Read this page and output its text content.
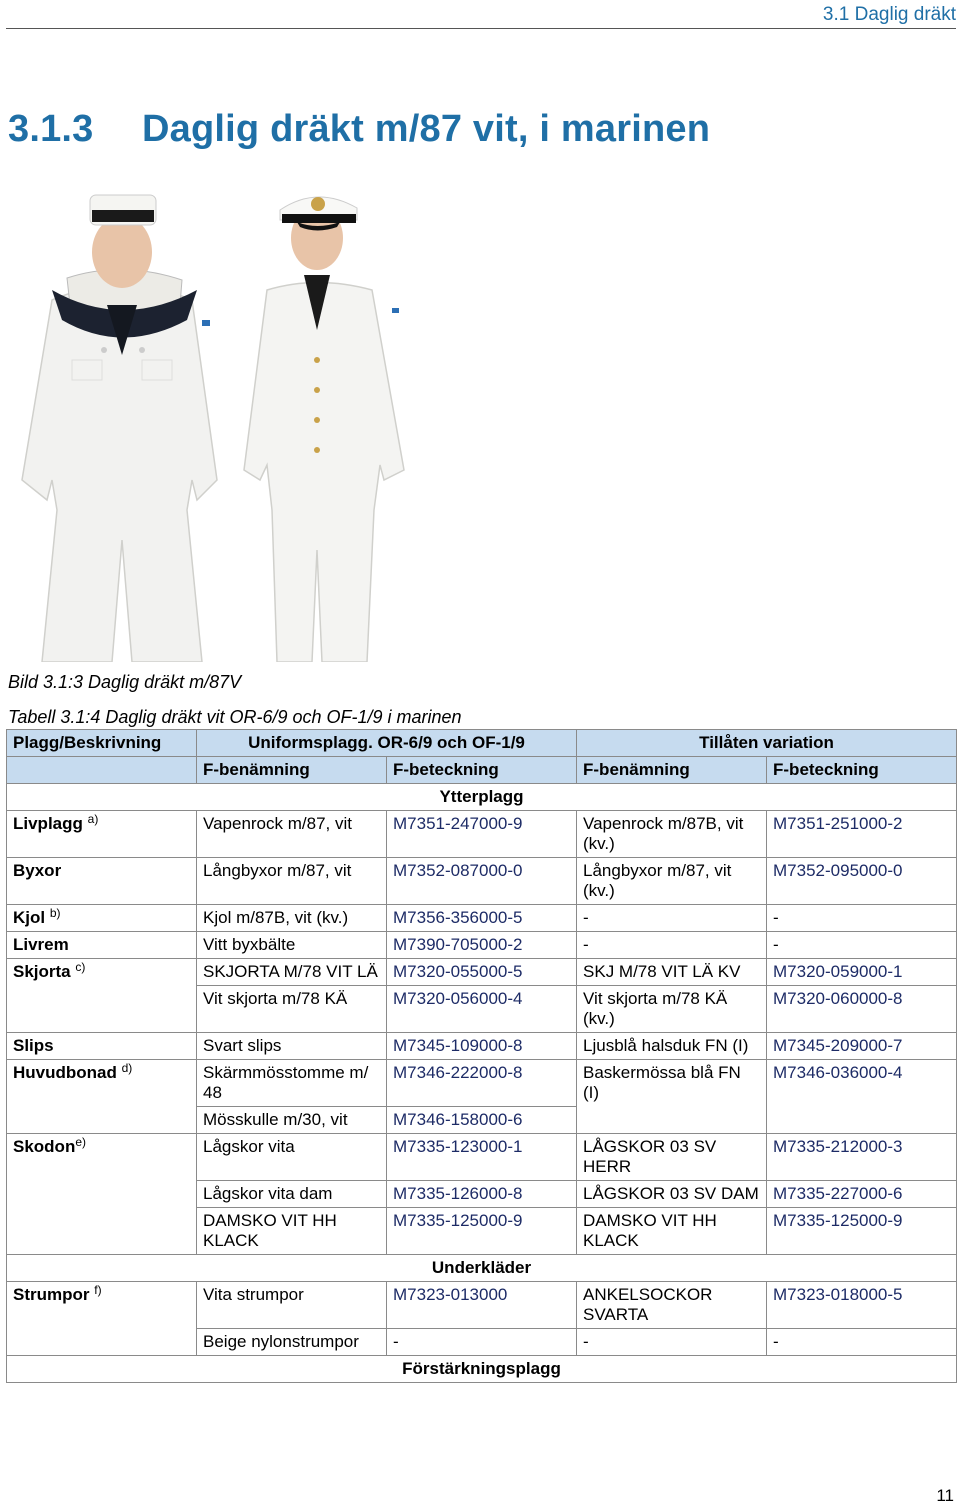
3.1 Daglig dräkt
3.1.3 Daglig dräkt m/87 vit, i marinen
Bild 3.1:3 Daglig dräkt m/87V
Tabell 3.1:4 Daglig dräkt vit OR-6/9 och OF-1/9 i marinen
Plagg/Beskrivning	Uniformsplagg. OR-6/9 och OF-1/9		Tillåten variation	
	F-benämning	F-beteckning	F-benämning	F-beteckning
Ytterplagg				
Livplagg $^{a)}$	Vapenrock m/87, vit	M7351-247000-9	Vapenrock m/87B, vit (kv.)	M7351-251000-2
Byxor	Långbyxor m/87, vit	M7352-087000-0	Långbyxor m/87, vit (kv.)	M7352-095000-0
Kjol $^{b)}$	Kjol m/87B, vit (kv.)	M7356-356000-5	-	-
Livrem	Vitt byxbälte	M7390-705000-2	-	-
Skjorta $^{c)}$	SKJORTA M/78 VIT LÄ	M7320-055000-5	SKJ M/78 VIT LÄ KV	M7320-059000-1
	Vit skjorta m/78 KÄ	M7320-056000-4	Vit skjorta m/78 KÄ (kv.)	M7320-060000-8
Slips	Svart slips	M7345-109000-8	Ljusblå halsduk FN (I)	M7345-209000-7
Huvudbonad $^{d)}$	Skärmmösstomme m/ 48	M7346-222000-8	Baskermössa blå FN (I)	M7346-036000-4
	Mösskulle m/30, vit	M7346-158000-6		
Skodon$^{e)}$	Lågskor vita	M7335-123000-1	LÅGSKOR 03 SV HERR	M7335-212000-3
	Lågskor vita dam	M7335-126000-8	LÅGSKOR 03 SV DAM	M7335-227000-6
	DAMSKO VIT HH KLACK	M7335-125000-9	DAMSKO VIT HH KLACK	M7335-125000-9
Underkläder				
Strumpor $^{f)}$	Vita strumpor	M7323-013000	ANKELSOCKOR SVARTA	M7323-018000-5
	Beige nylonstrumpor	-	-	-
Förstärkningsplagg				
11
